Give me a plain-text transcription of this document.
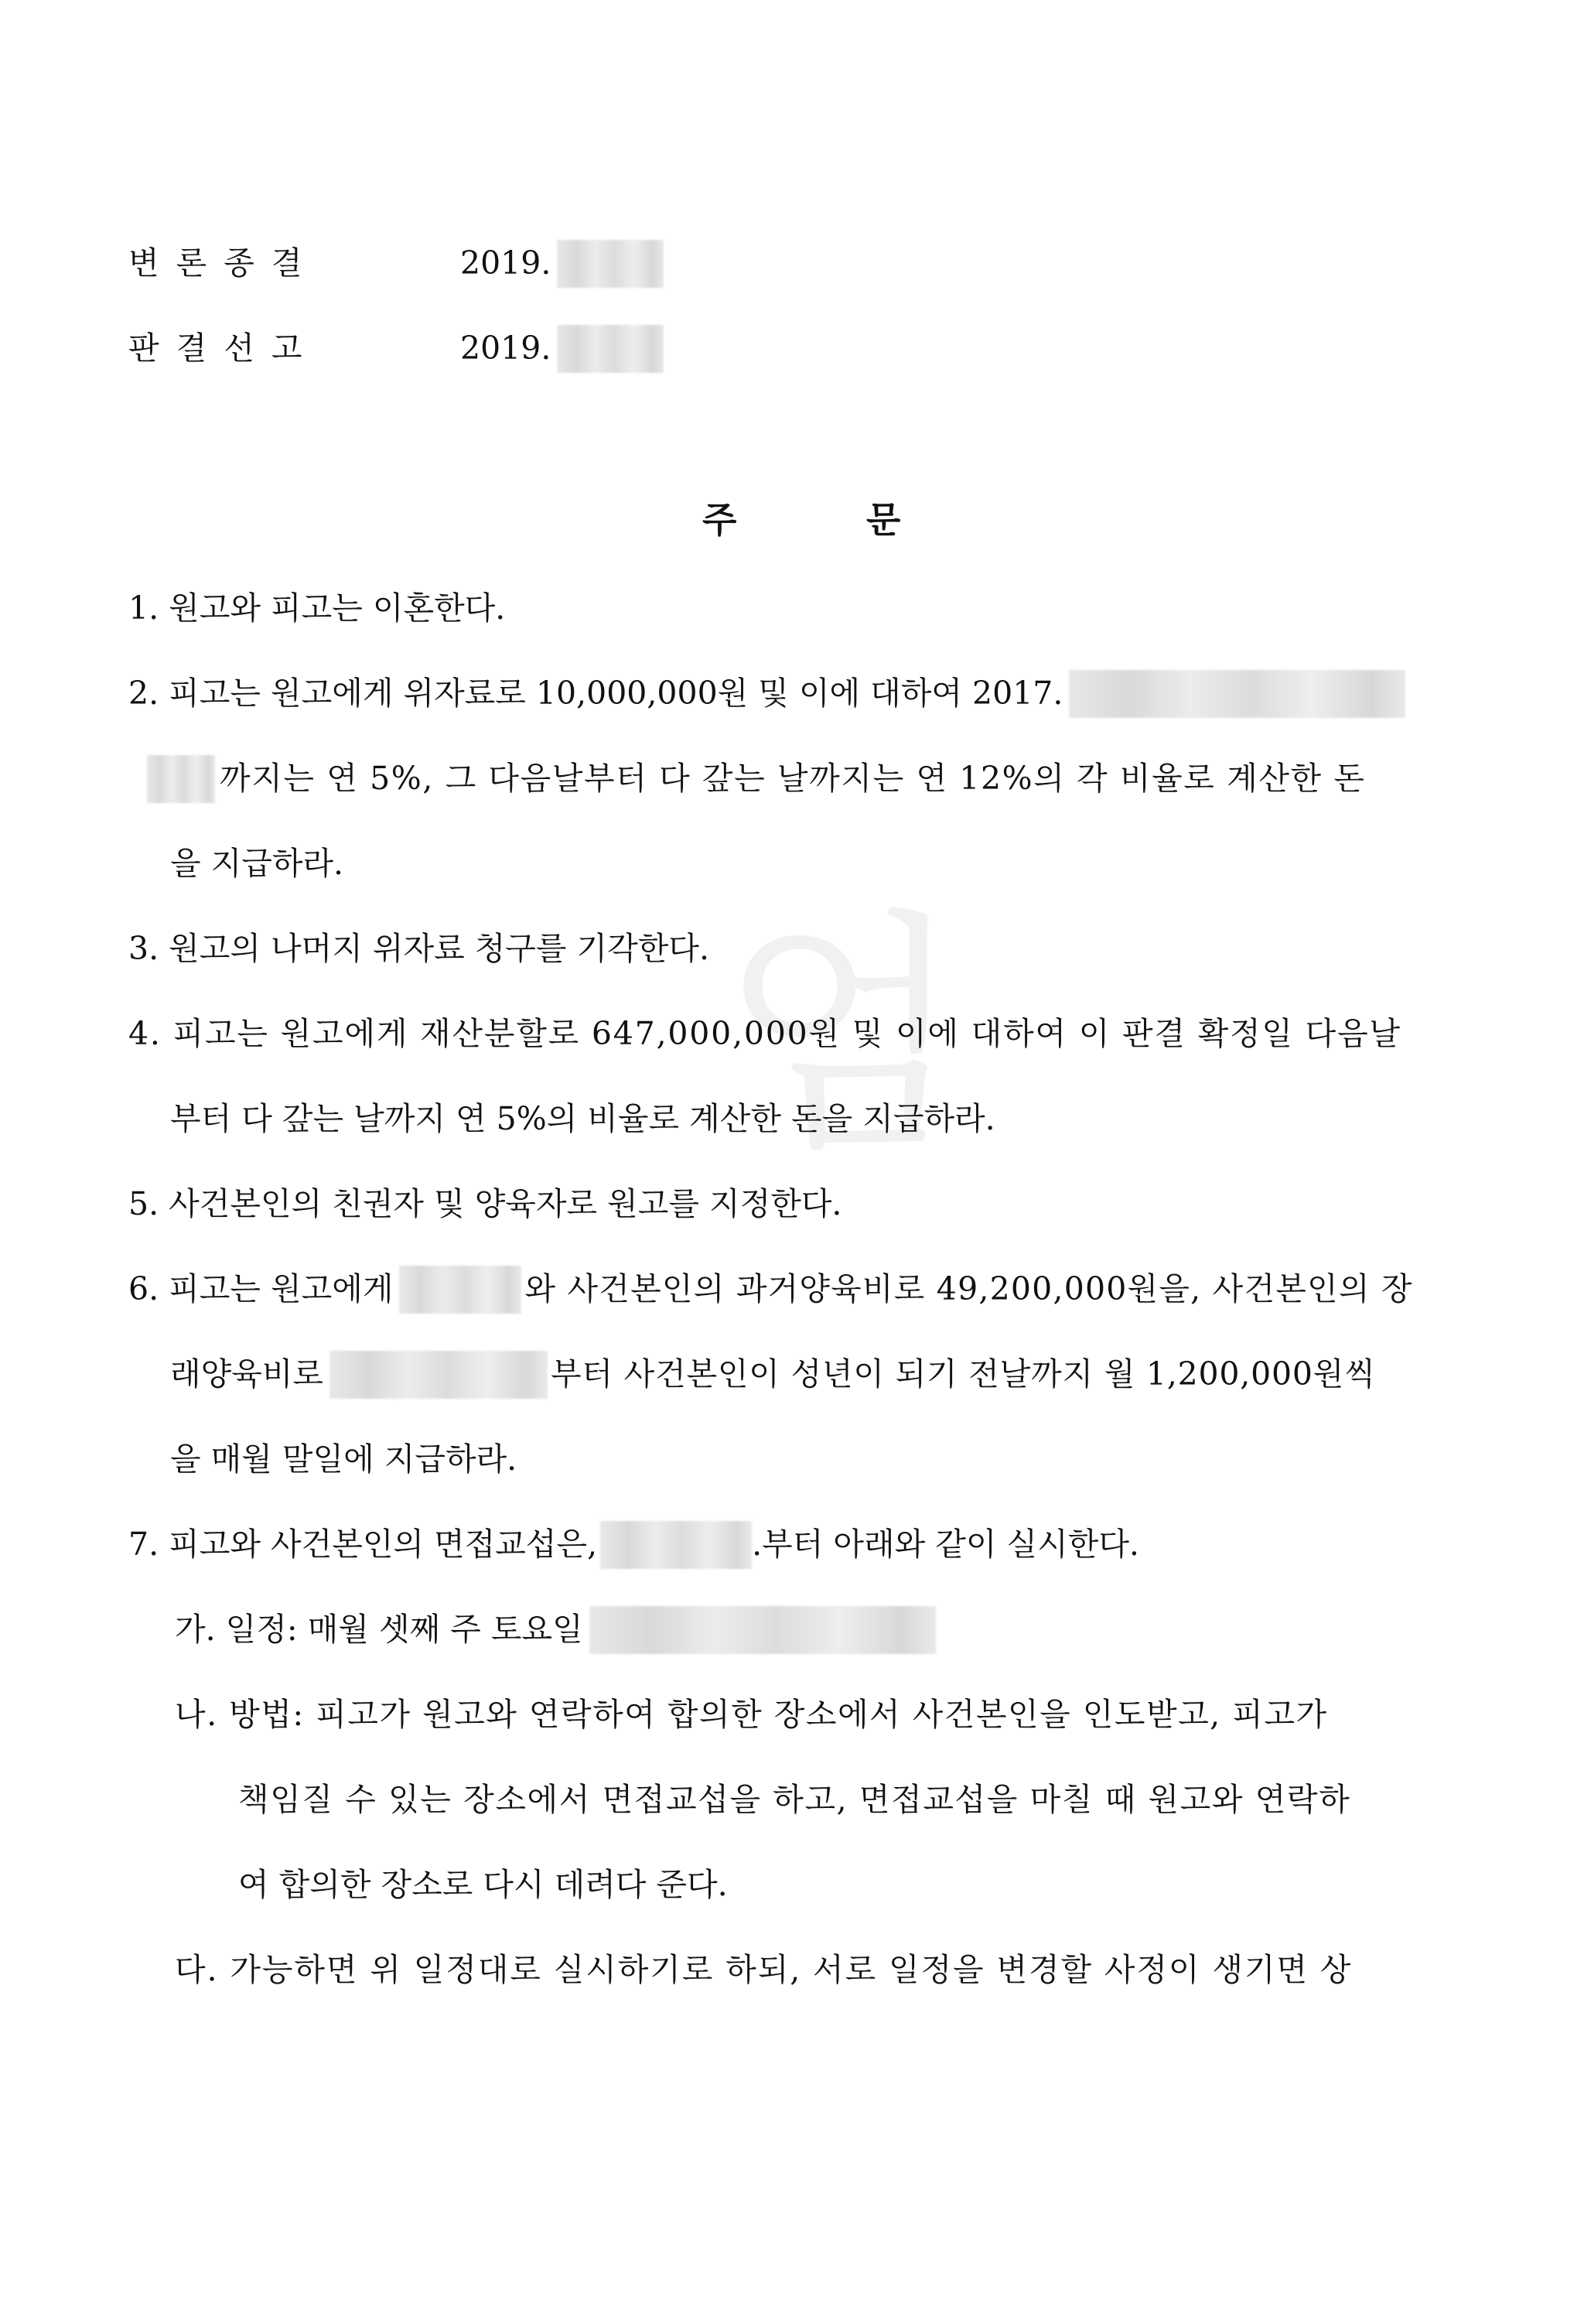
엄
변론종결	2019.
판결선고	2019.
주	문
1. 원고와 피고는 이혼한다.
2. 피고는 원고에게 위자료로 10,000,000원 및 이에 대하여 2017.
까지는 연 5%, 그 다음날부터 다 갚는 날까지는 연 12%의 각 비율로 계산한 돈
을 지급하라.
3. 원고의 나머지 위자료 청구를 기각한다.
4. 피고는 원고에게 재산분할로 647,000,000원 및 이에 대하여 이 판결 확정일 다음날
부터 다 갚는 날까지 연 5%의 비율로 계산한 돈을 지급하라.
5. 사건본인의 친권자 및 양육자로 원고를 지정한다.
6. 피고는 원고에게	와 사건본인의 과거양육비로 49,200,000원을, 사건본인의 장
래양육비로	부터 사건본인이 성년이 되기 전날까지 월 1,200,000원씩
을 매월 말일에 지급하라.
7. 피고와 사건본인의 면접교섭은,	.부터 아래와 같이 실시한다.
가. 일정: 매월 셋째 주 토요일
나. 방법: 피고가 원고와 연락하여 합의한 장소에서 사건본인을 인도받고, 피고가
책임질 수 있는 장소에서 면접교섭을 하고, 면접교섭을 마칠 때 원고와 연락하
여 합의한 장소로 다시 데려다 준다.
다. 가능하면 위 일정대로 실시하기로 하되, 서로 일정을 변경할 사정이 생기면 상
